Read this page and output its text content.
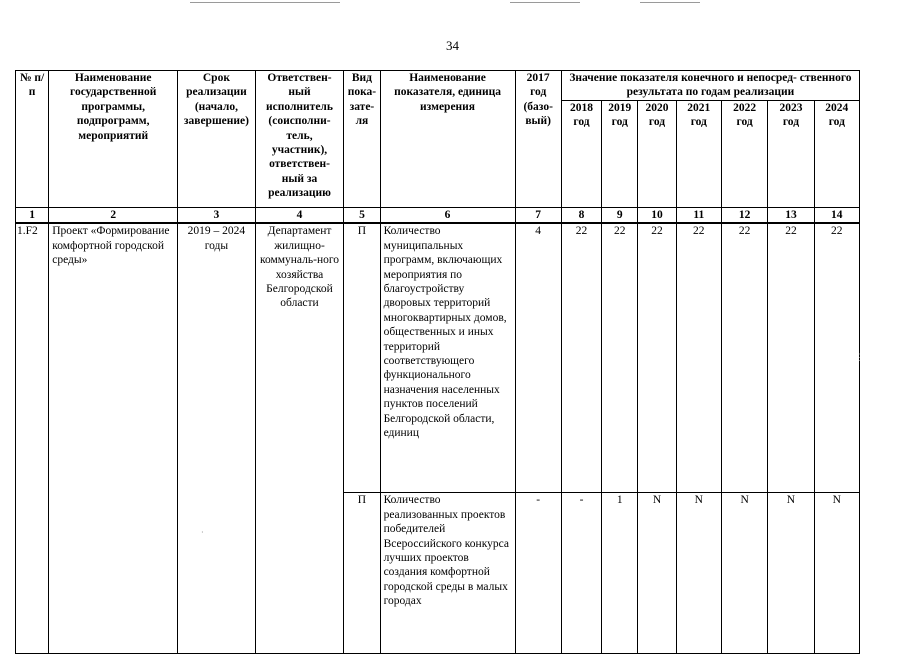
34
№ п/п	Наименование государственной программы, подпрограмм, мероприятий	Срок реализации (начало, завершение)	Ответствен- ный исполнитель (соисполни- тель, участник), ответствен- ный за реализацию	Вид пока- зате- ля	Наименование показателя, единица измерения	2017 год (базо- вый)	Значение показателя конечного и непосред- ственного результата по годам реализации						
							2018 год	2019 год	2020 год	2021 год	2022 год	2023 год	2024 год
1	2	3	4	5	6	7	8	9	10	11	12	13	14
1.F2	Проект «Формирование комфортной городской среды»	2019 – 2024 годы	Департамент жилищно-коммуналь-ного хозяйства Белгородской области	П	Количество муниципальных программ, включающих мероприятия по благоустройству дворовых территорий многоквартирных домов, общественных и иных территорий соответствующего функционального назначения населенных пунктов поселений Белгородской области, единиц	4	22	22	22	22	22	22	22
				П	Количество реализованных проектов победителей Всероссийского конкурса лучших проектов создания комфортной городской среды в малых городах	-	-	1	N	N	N	N	N
⋮
·
